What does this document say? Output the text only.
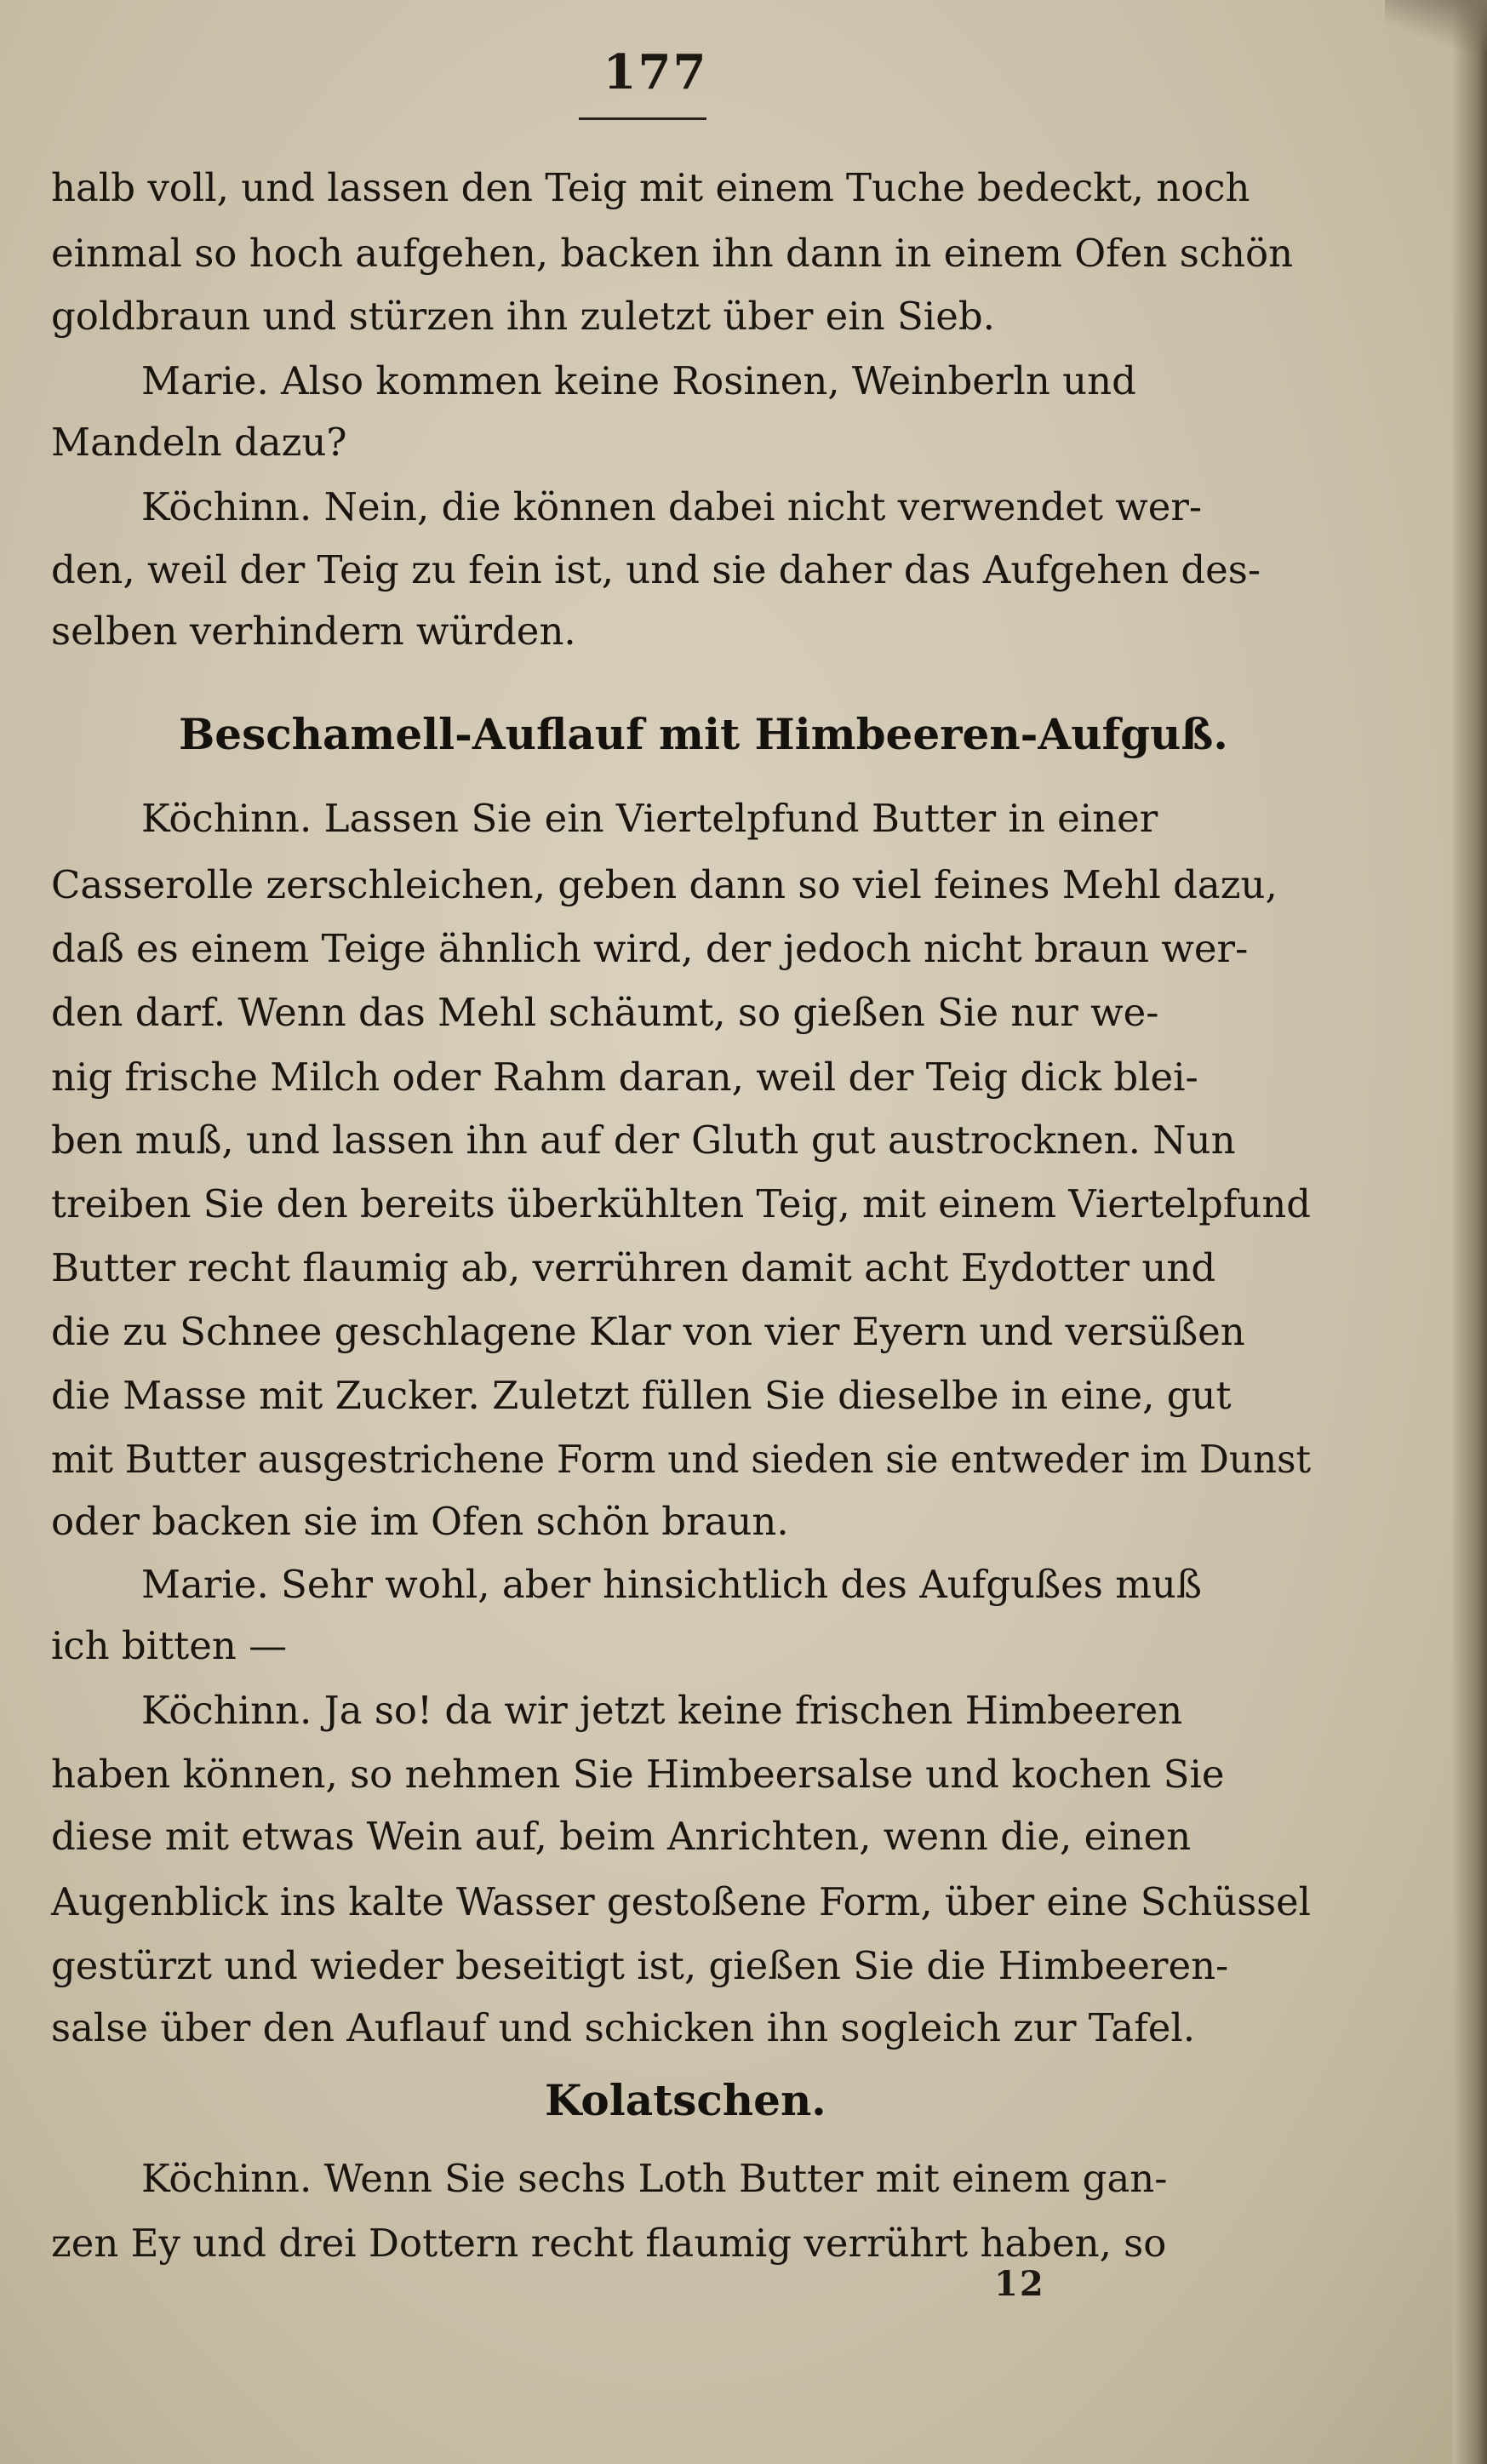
177
halb voll, und lassen den Teig mit einem Tuche bedeckt, noch
einmal so hoch aufgehen, backen ihn dann in einem Ofen schön
goldbraun und stürzen ihn zuletzt über ein Sieb.
Marie. Also kommen keine Rosinen, Weinberln und
Mandeln dazu?
Köchinn. Nein, die können dabei nicht verwendet wer-
den, weil der Teig zu fein ist, und sie daher das Aufgehen des-
selben verhindern würden.
Köchinn. Lassen Sie ein Viertelpfund Butter in einer
Casserolle zerschleichen, geben dann so viel feines Mehl dazu,
daß es einem Teige ähnlich wird, der jedoch nicht braun wer-
den darf. Wenn das Mehl schäumt, so gießen Sie nur we-
nig frische Milch oder Rahm daran, weil der Teig dick blei-
ben muß, und lassen ihn auf der Gluth gut austrocknen. Nun
treiben Sie den bereits überkühlten Teig, mit einem Viertelpfund
Butter recht flaumig ab, verrühren damit acht Eydotter und
die zu Schnee geschlagene Klar von vier Eyern und versüßen
die Masse mit Zucker. Zuletzt füllen Sie dieselbe in eine, gut
mit Butter ausgestrichene Form und sieden sie entweder im Dunst
oder backen sie im Ofen schön braun.
Marie. Sehr wohl, aber hinsichtlich des Aufgußes muß
ich bitten —
Köchinn. Ja so! da wir jetzt keine frischen Himbeeren
haben können, so nehmen Sie Himbeersalse und kochen Sie
diese mit etwas Wein auf, beim Anrichten, wenn die, einen
Augenblick ins kalte Wasser gestoßene Form, über eine Schüssel
gestürzt und wieder beseitigt ist, gießen Sie die Himbeeren-
salse über den Auflauf und schicken ihn sogleich zur Tafel.
Köchinn. Wenn Sie sechs Loth Butter mit einem gan-
zen Ey und drei Dottern recht flaumig verrührt haben, so
Beschamell-Auflauf mit Himbeeren-Aufguß.
Kolatschen.
12
